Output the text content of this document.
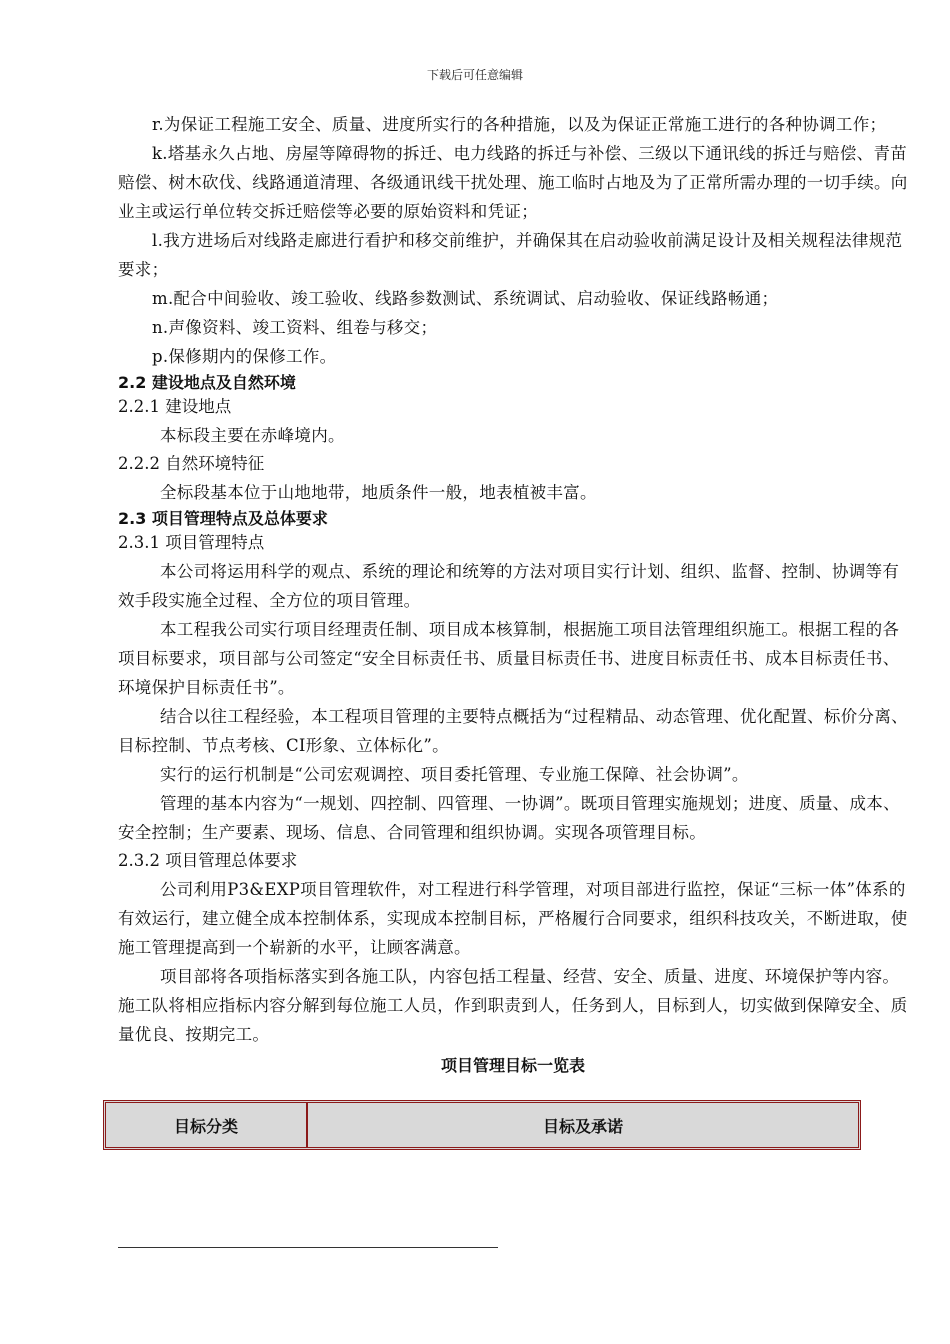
下载后可任意编辑

r.为保证工程施工安全、质量、进度所实行的各种措施，以及为保证正常施工进行的各种协调工作；

k.塔基永久占地、房屋等障碍物的拆迁、电力线路的拆迁与补偿、三级以下通讯线的拆迁与赔偿、青苗赔偿、树木砍伐、线路通道清理、各级通讯线干扰处理、施工临时占地及为了正常所需办理的一切手续。向业主或运行单位转交拆迁赔偿等必要的原始资料和凭证；

l.我方进场后对线路走廊进行看护和移交前维护，并确保其在启动验收前满足设计及相关规程法律规范要求；

m.配合中间验收、竣工验收、线路参数测试、系统调试、启动验收、保证线路畅通；

n.声像资料、竣工资料、组卷与移交；

p.保修期内的保修工作。

2.2 建设地点及自然环境
2.2.1 建设地点

本标段主要在赤峰境内。

2.2.2 自然环境特征

全标段基本位于山地地带，地质条件一般，地表植被丰富。

2.3 项目管理特点及总体要求
2.3.1 项目管理特点

本公司将运用科学的观点、系统的理论和统筹的方法对项目实行计划、组织、监督、控制、协调等有效手段实施全过程、全方位的项目管理。

本工程我公司实行项目经理责任制、项目成本核算制，根据施工项目法管理组织施工。根据工程的各项目标要求，项目部与公司签定“安全目标责任书、质量目标责任书、进度目标责任书、成本目标责任书、环境保护目标责任书”。

结合以往工程经验，本工程项目管理的主要特点概括为“过程精品、动态管理、优化配置、标价分离、目标控制、节点考核、CI形象、立体标化”。

实行的运行机制是“公司宏观调控、项目委托管理、专业施工保障、社会协调”。

管理的基本内容为“一规划、四控制、四管理、一协调”。既项目管理实施规划；进度、质量、成本、安全控制；生产要素、现场、信息、合同管理和组织协调。实现各项管理目标。

2.3.2 项目管理总体要求

公司利用P3&EXP项目管理软件，对工程进行科学管理，对项目部进行监控，保证“三标一体”体系的有效运行，建立健全成本控制体系，实现成本控制目标，严格履行合同要求，组织科技攻关，不断进取，使施工管理提高到一个崭新的水平，让顾客满意。

项目部将各项指标落实到各施工队，内容包括工程量、经营、安全、质量、进度、环境保护等内容。施工队将相应指标内容分解到每位施工人员，作到职责到人，任务到人，目标到人，切实做到保障安全、质量优良、按期完工。

项目管理目标一览表
目标分类	目标及承诺
